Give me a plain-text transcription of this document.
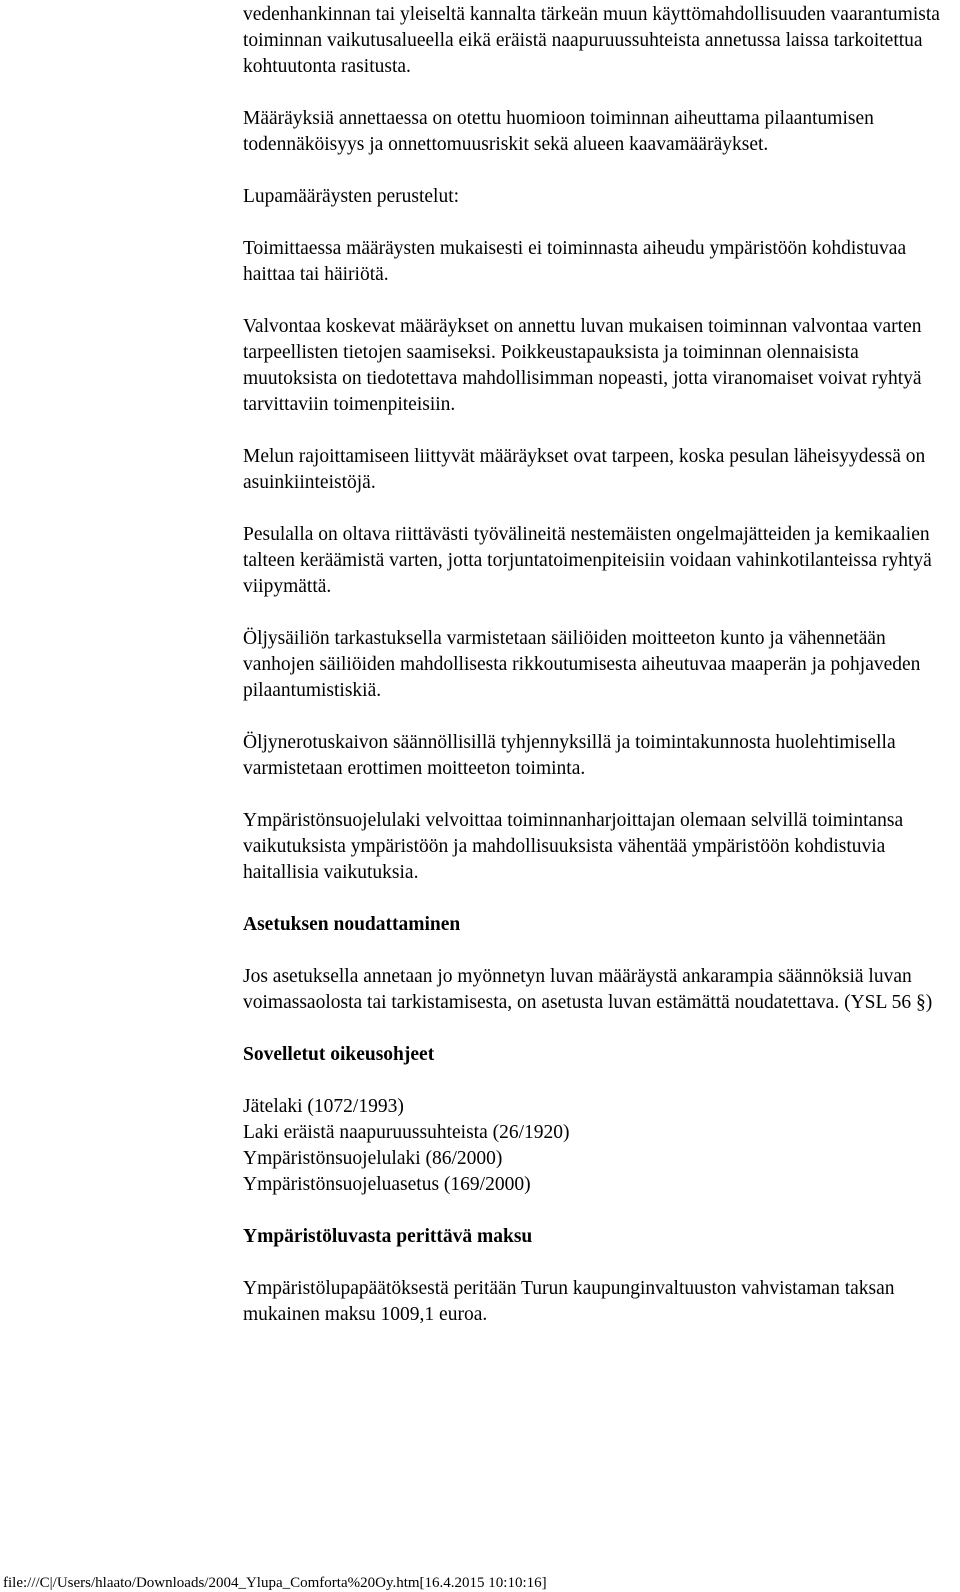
vedenhankinnan tai yleiseltä kannalta tärkeän muun käyttömahdollisuuden vaarantumista toiminnan vaikutusalueella eikä eräistä naapuruussuhteista annetussa laissa tarkoitettua kohtuutonta rasitusta.

Määräyksiä annettaessa on otettu huomioon toiminnan aiheuttama pilaantumisen todennäköisyys ja onnettomuusriskit sekä alueen kaavamääräykset.

Lupamääräysten perustelut:

Toimittaessa määräysten mukaisesti ei toiminnasta aiheudu ympäristöön kohdistuvaa haittaa tai häiriötä.

Valvontaa koskevat määräykset on annettu luvan mukaisen toiminnan valvontaa varten tarpeellisten tietojen saamiseksi. Poikkeustapauksista ja toiminnan olennaisista muutoksista on tiedotettava mahdollisimman nopeasti, jotta viranomaiset voivat ryhtyä tarvittaviin toimenpiteisiin.

Melun rajoittamiseen liittyvät määräykset ovat tarpeen, koska pesulan läheisyydessä on asuinkiinteistöjä.

Pesulalla on oltava riittävästi työvälineitä nestemäisten ongelmajätteiden ja kemikaalien talteen keräämistä varten, jotta torjuntatoimenpiteisiin voidaan vahinkotilanteissa ryhtyä viipymättä.

Öljysäiliön tarkastuksella varmistetaan säiliöiden moitteeton kunto ja vähennetään vanhojen säiliöiden mahdollisesta rikkoutumisesta aiheutuvaa maaperän ja pohjaveden pilaantumistiskiä.

Öljynerotuskaivon säännöllisillä tyhjennyksillä ja toimintakunnosta huolehtimisella varmistetaan erottimen moitteeton toiminta.

Ympäristönsuojelulaki velvoittaa toiminnanharjoittajan olemaan selvillä toimintansa vaikutuksista ympäristöön ja mahdollisuuksista vähentää ympäristöön kohdistuvia haitallisia vaikutuksia.

Asetuksen noudattaminen

Jos asetuksella annetaan jo myönnetyn luvan määräystä ankarampia säännöksiä luvan voimassaolosta tai tarkistamisesta, on asetusta luvan estämättä noudatettava. (YSL 56 §)

Sovelletut oikeusohjeet

Jätelaki (1072/1993)
Laki eräistä naapuruussuhteista (26/1920)
Ympäristönsuojelulaki (86/2000)
Ympäristönsuojeluasetus (169/2000)

Ympäristöluvasta perittävä maksu

Ympäristölupapäätöksestä peritään Turun kaupunginvaltuuston vahvistaman taksan mukainen maksu 1009,1 euroa.

file:///C|/Users/hlaato/Downloads/2004_Ylupa_Comforta%20Oy.htm[16.4.2015 10:10:16]
